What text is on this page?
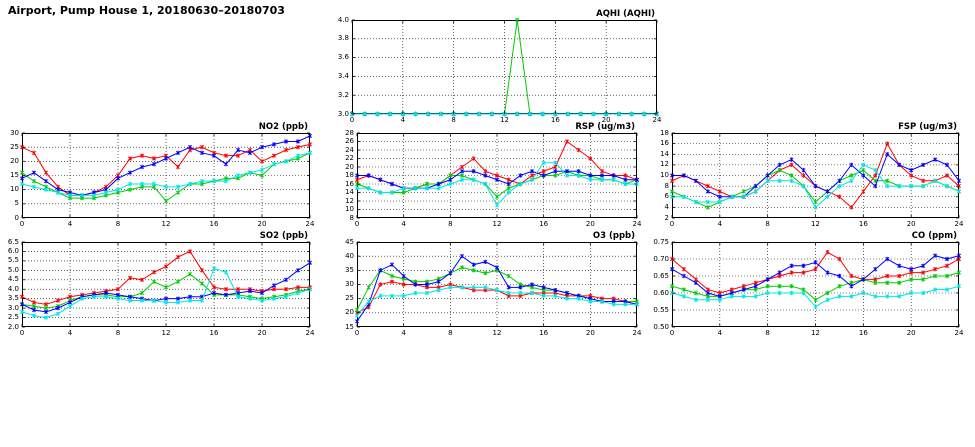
Airport, Pump House 1, 20180630–20180703	AQHI (AQHI)
3.0
3.2
3.4
3.6
3.8
4.0
0	4	8	12	16	20	24
NO2 (ppb)
0
5
10
15
20
25
30
0	4	8	12	16	20	24
RSP (ug/m3)
8
10
12
14
16
18
20
22
24
26
28
0	4	8	12	16	20	24
FSP (ug/m3)
2
4
6
8
10
12
14
16
18
0	4	8	12	16	20	24
SO2 (ppb)
2.0
2.5
3.0
3.5
4.0
4.5
5.0
5.5
6.0
6.5
0	4	8	12	16	20	24
O3 (ppb)
15
20
25
30
35
40
45
0	4	8	12	16	20	24
CO (ppm)
0.50
0.55
0.60
0.65
0.70
0.75
0	4	8	12	16	20	24
